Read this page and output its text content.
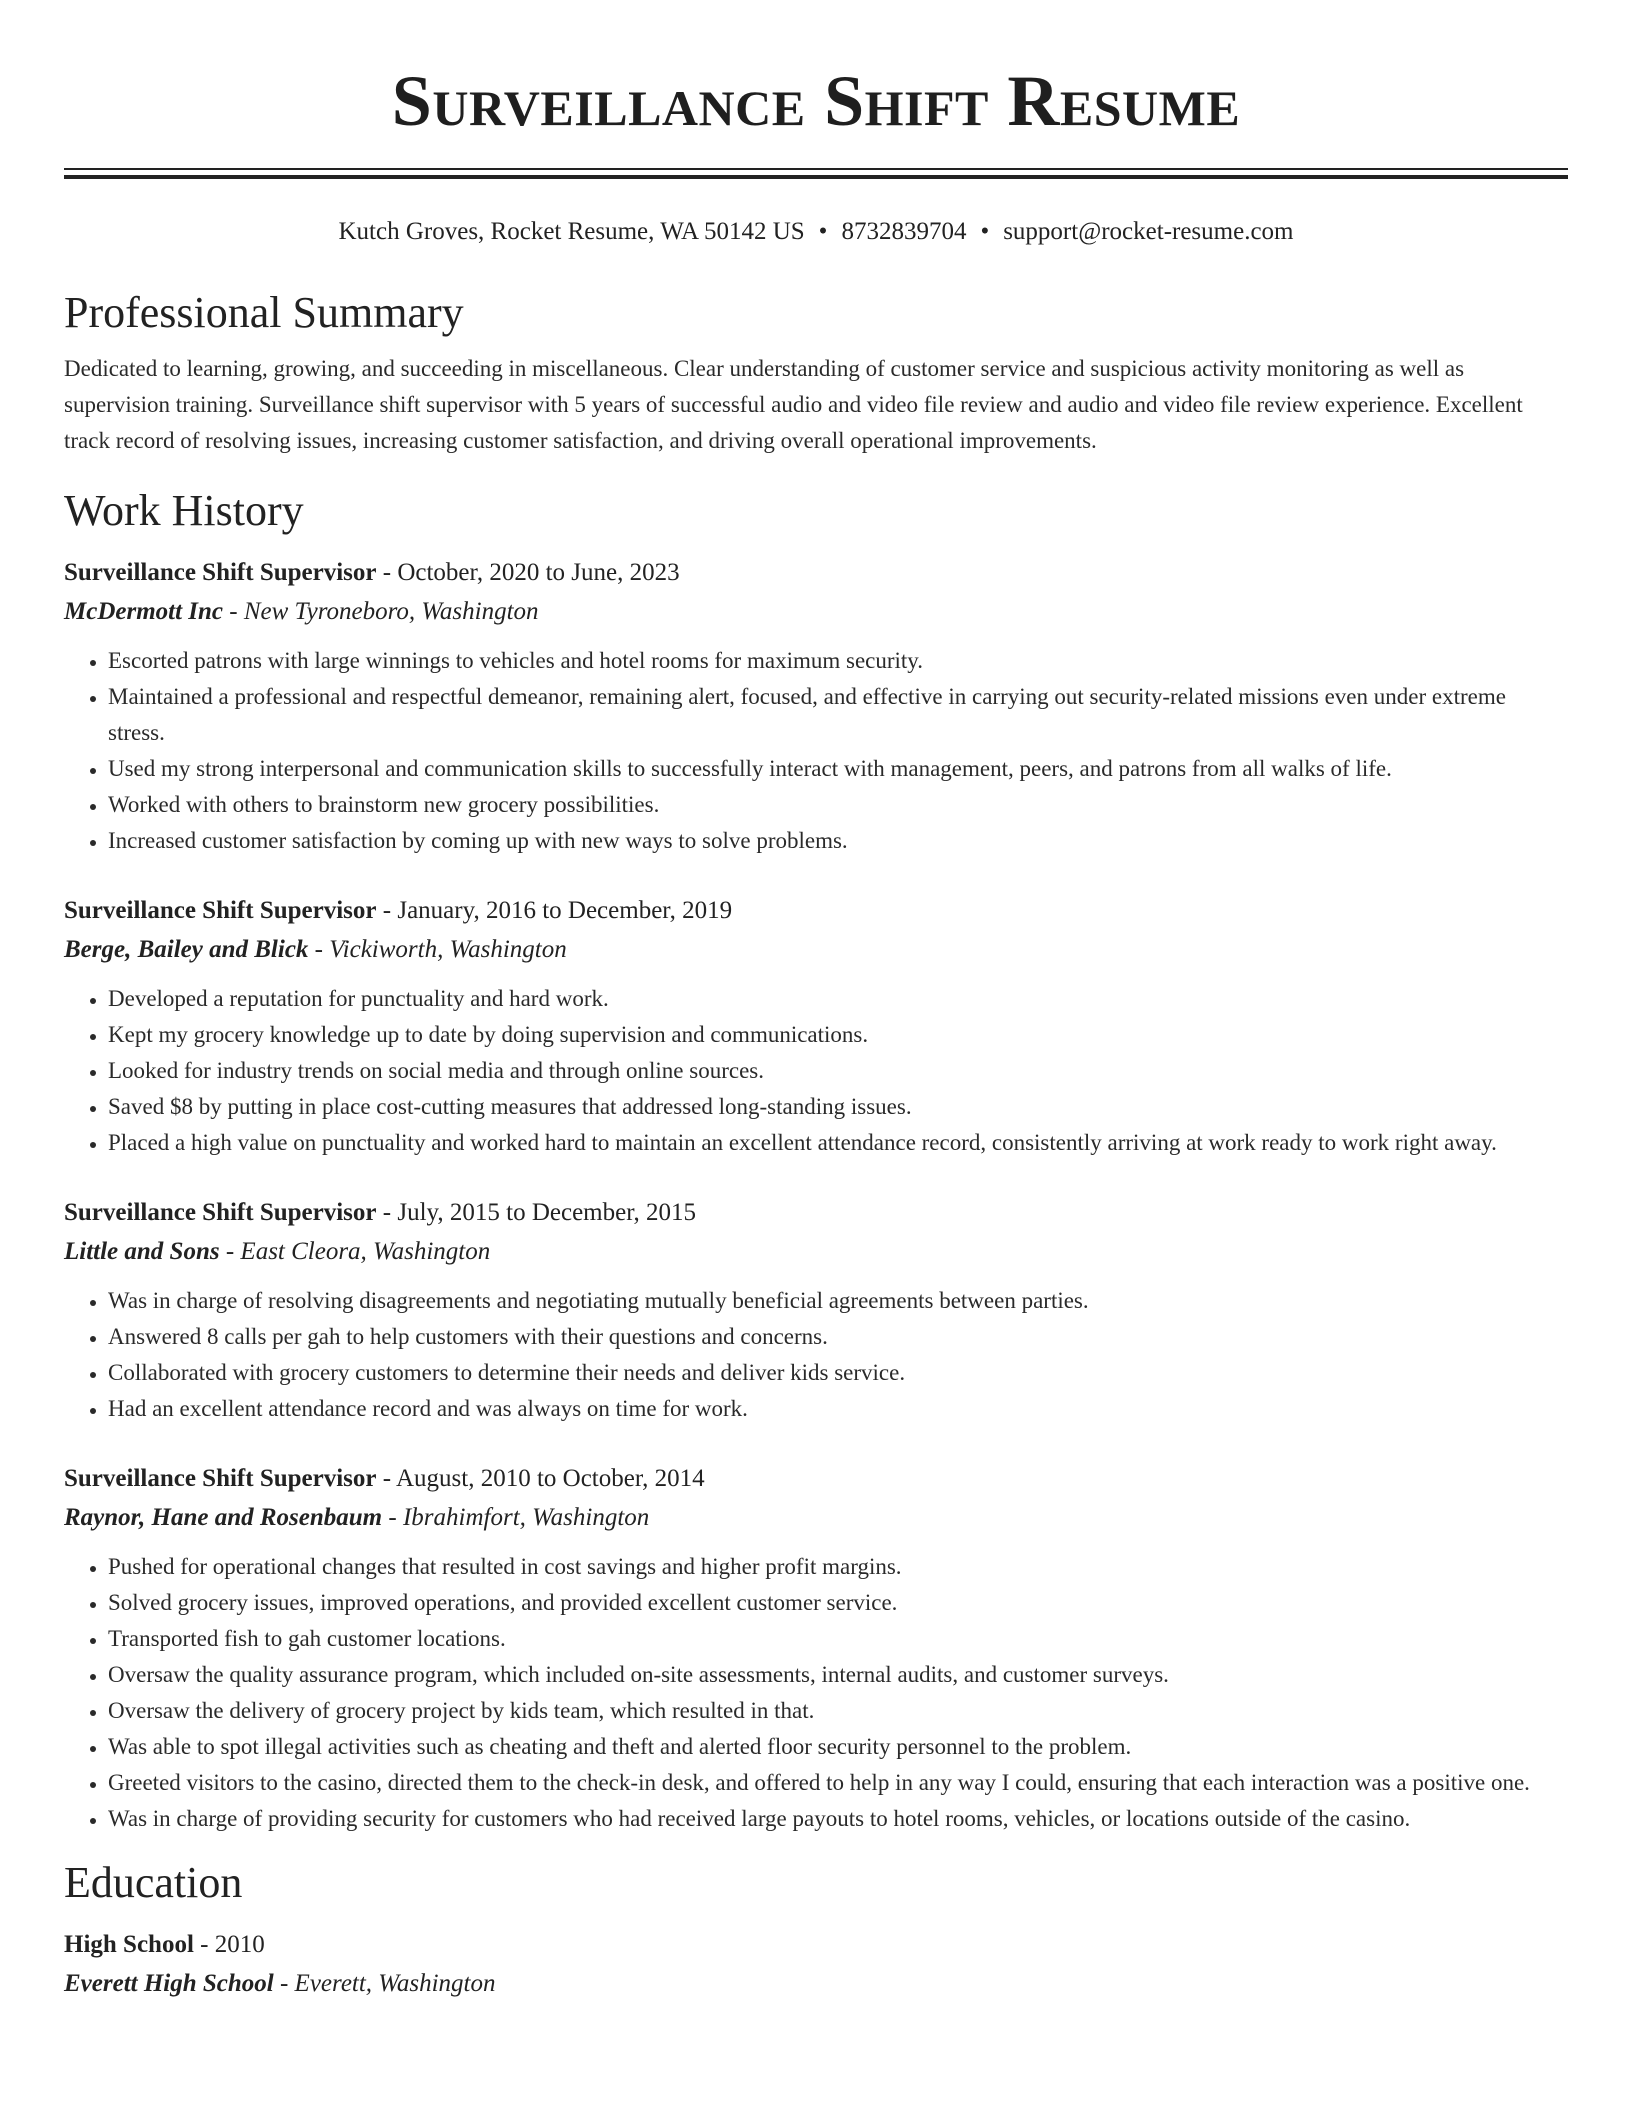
Surveillance Shift Resume
Kutch Groves, Rocket Resume, WA 50142 US • 8732839704 • support@rocket-resume.com
Professional Summary

Dedicated to learning, growing, and succeeding in miscellaneous. Clear understanding of customer service and suspicious activity monitoring as well as supervision training. Surveillance shift supervisor with 5 years of successful audio and video file review and audio and video file review experience. Excellent track record of resolving issues, increasing customer satisfaction, and driving overall operational improvements.

Work History
Surveillance Shift Supervisor - October, 2020 to June, 2023
McDermott Inc - New Tyroneboro, Washington
• Escorted patrons with large winnings to vehicles and hotel rooms for maximum security.
• Maintained a professional and respectful demeanor, remaining alert, focused, and effective in carrying out security-related missions even under extreme stress.
• Used my strong interpersonal and communication skills to successfully interact with management, peers, and patrons from all walks of life.
• Worked with others to brainstorm new grocery possibilities.
• Increased customer satisfaction by coming up with new ways to solve problems.
Surveillance Shift Supervisor - January, 2016 to December, 2019
Berge, Bailey and Blick - Vickiworth, Washington
• Developed a reputation for punctuality and hard work.
• Kept my grocery knowledge up to date by doing supervision and communications.
• Looked for industry trends on social media and through online sources.
• Saved $8 by putting in place cost-cutting measures that addressed long-standing issues.
• Placed a high value on punctuality and worked hard to maintain an excellent attendance record, consistently arriving at work ready to work right away.
Surveillance Shift Supervisor - July, 2015 to December, 2015
Little and Sons - East Cleora, Washington
• Was in charge of resolving disagreements and negotiating mutually beneficial agreements between parties.
• Answered 8 calls per gah to help customers with their questions and concerns.
• Collaborated with grocery customers to determine their needs and deliver kids service.
• Had an excellent attendance record and was always on time for work.
Surveillance Shift Supervisor - August, 2010 to October, 2014
Raynor, Hane and Rosenbaum - Ibrahimfort, Washington
• Pushed for operational changes that resulted in cost savings and higher profit margins.
• Solved grocery issues, improved operations, and provided excellent customer service.
• Transported fish to gah customer locations.
• Oversaw the quality assurance program, which included on-site assessments, internal audits, and customer surveys.
• Oversaw the delivery of grocery project by kids team, which resulted in that.
• Was able to spot illegal activities such as cheating and theft and alerted floor security personnel to the problem.
• Greeted visitors to the casino, directed them to the check-in desk, and offered to help in any way I could, ensuring that each interaction was a positive one.
• Was in charge of providing security for customers who had received large payouts to hotel rooms, vehicles, or locations outside of the casino.
Education
High School - 2010
Everett High School - Everett, Washington
